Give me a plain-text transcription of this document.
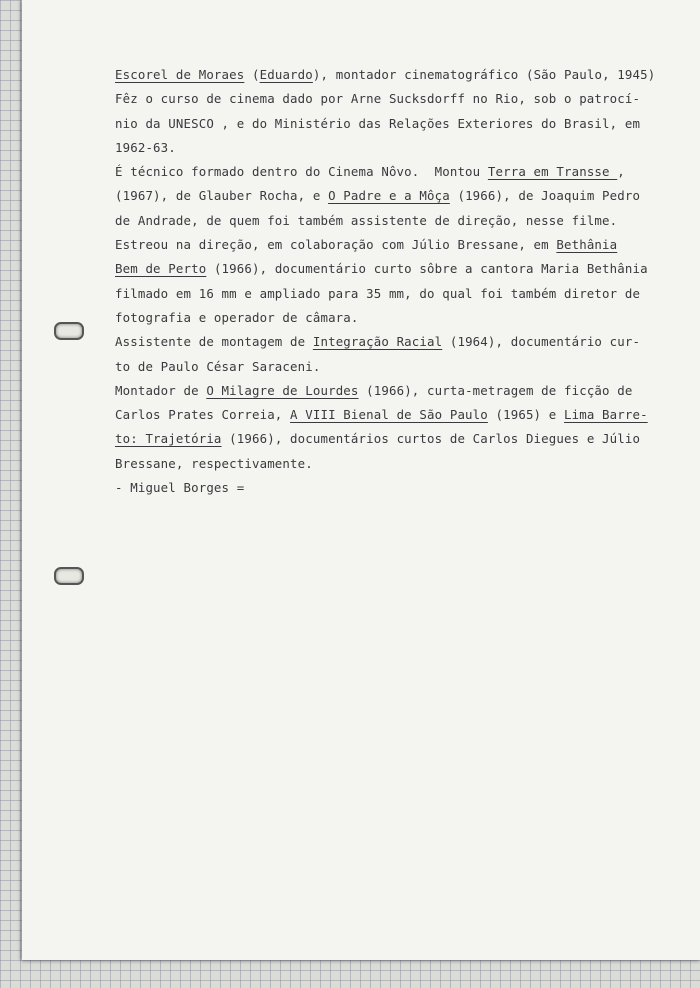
Escorel de Moraes (Eduardo), montador cinematográfico (São Paulo, 1945)
Fêz o curso de cinema dado por Arne Sucksdorff no Rio, sob o patrocí-
nio da UNESCO , e do Ministério das Relações Exteriores do Brasil, em
1962-63.
É técnico formado dentro do Cinema Nôvo.  Montou Terra em Transse ,
(1967), de Glauber Rocha, e O Padre e a Môça (1966), de Joaquim Pedro
de Andrade, de quem foi também assistente de direção, nesse filme.
Estreou na direção, em colaboração com Júlio Bressane, em Bethânia
Bem de Perto (1966), documentário curto sôbre a cantora Maria Bethânia
filmado em 16 mm e ampliado para 35 mm, do qual foi também diretor de
fotografia e operador de câmara.
Assistente de montagem de Integração Racial (1964), documentário cur-
to de Paulo César Saraceni.
Montador de O Milagre de Lourdes (1966), curta-metragem de ficção de
Carlos Prates Correia, A VIII Bienal de São Paulo (1965) e Lima Barre-
to: Trajetória (1966), documentários curtos de Carlos Diegues e Júlio
Bressane, respectivamente.
- Miguel Borges =
